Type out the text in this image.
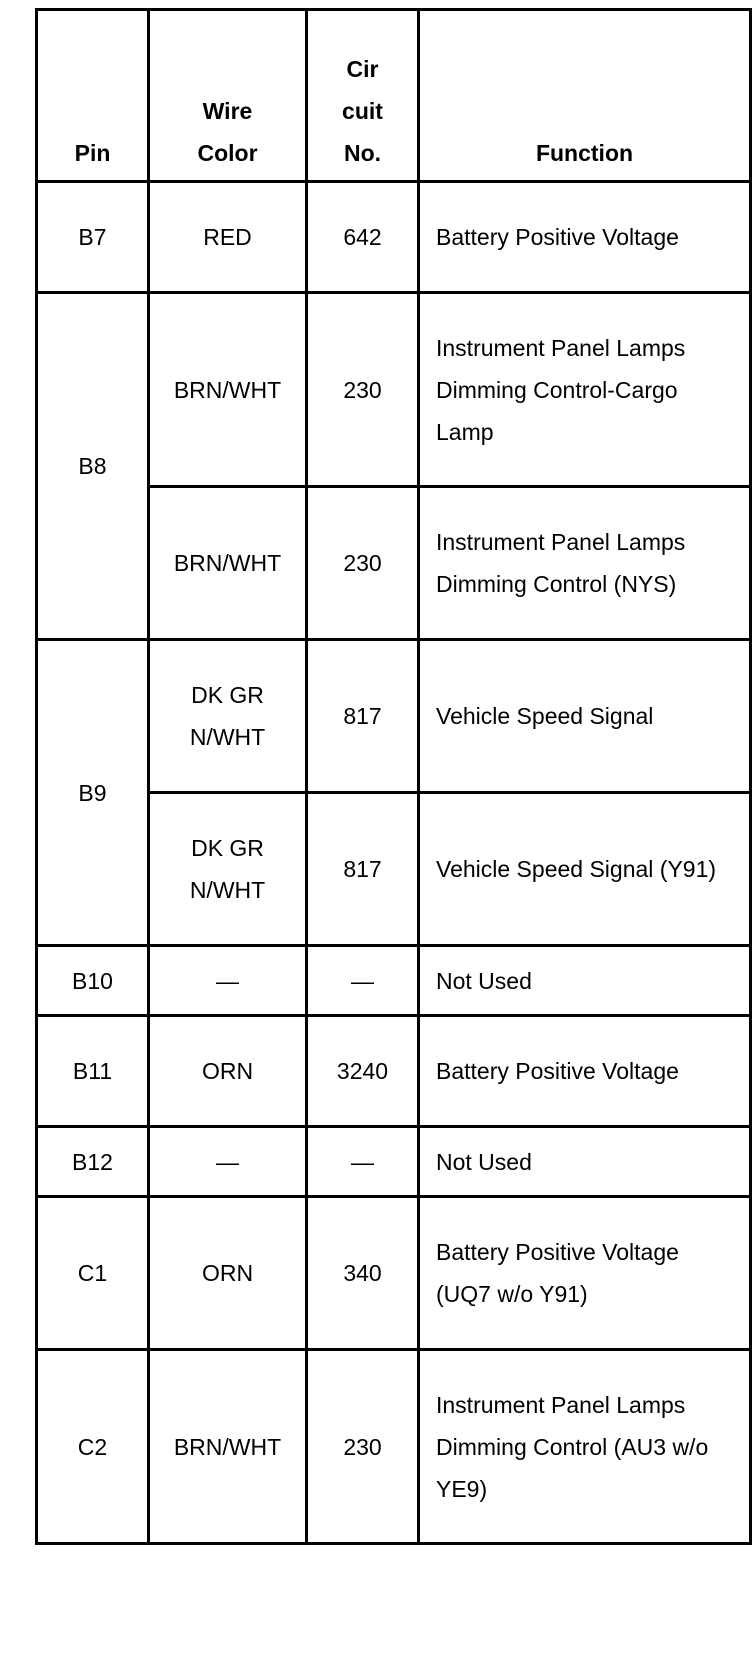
Pin	Wire Color	Cir cuit No.	Function
B7	RED	642	Battery Positive Voltage

B8	BRN/WHT	230	Instrument Panel Lamps Dimming Control-Cargo Lamp

	BRN/WHT	230	Instrument Panel Lamps Dimming Control (NYS)

B9	DK GRN/WHT	817	Vehicle Speed Signal

	DK GRN/WHT	817	Vehicle Speed Signal (Y91)

B10	—	—	Not Used

B11	ORN	3240	Battery Positive Voltage

B12	—	—	Not Used

C1	ORN	340	Battery Positive Voltage (UQ7 w/o Y91)

C2	BRN/WHT	230	Instrument Panel Lamps Dimming Control (AU3 w/o YE9)
